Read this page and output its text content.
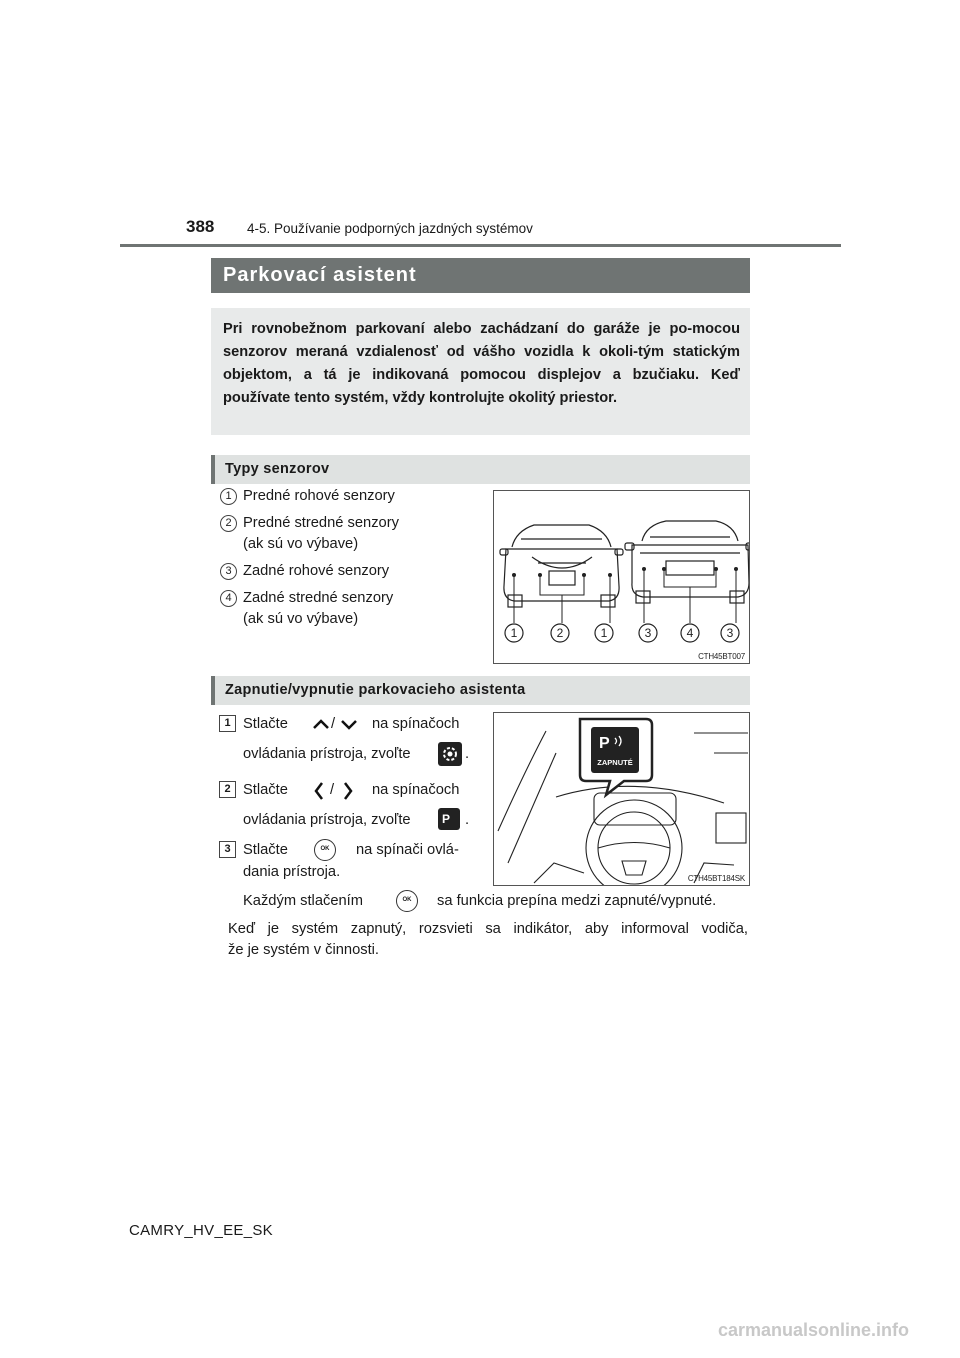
388 4-5. Používanie podporných jazdných systémov
Parkovací asistent
Pri rovnobežnom parkovaní alebo zachádzaní do garáže je po-mocou senzorov meraná vzdialenosť od vášho vozidla k okoli-tým statickým objektom, a tá je indikovaná pomocou displejov a bzučiaku. Keď používate tento systém, vždy kontrolujte okolitý priestor.
Typy senzorov
1 Predné rohové senzory
2 Predné stredné senzory
(ak sú vo výbave)
3 Zadné rohové senzory
4 Zadné stredné senzory
(ak sú vo výbave)
1	2	1	3	4	3
CTH45BT007
Zapnutie/vypnutie parkovacieho asistenta
1 Stlačte	/	na spínačoch
ovládania prístroja, zvoľte	.
2 Stlačte	/	na spínačoch
ovládania prístroja, zvoľte	P	.
3 Stlačte	OK	na spínači ovlá-
dania prístroja.
Každým stlačením	OK	sa funkcia prepína medzi zapnuté/vypnuté.
Keď je systém zapnutý, rozsvieti sa indikátor, aby informoval vodiča,
že je systém v činnosti.
P
ZAPNUTÉ
CTH45BT184SK
CAMRY_HV_EE_SK
carmanualsonline.info
